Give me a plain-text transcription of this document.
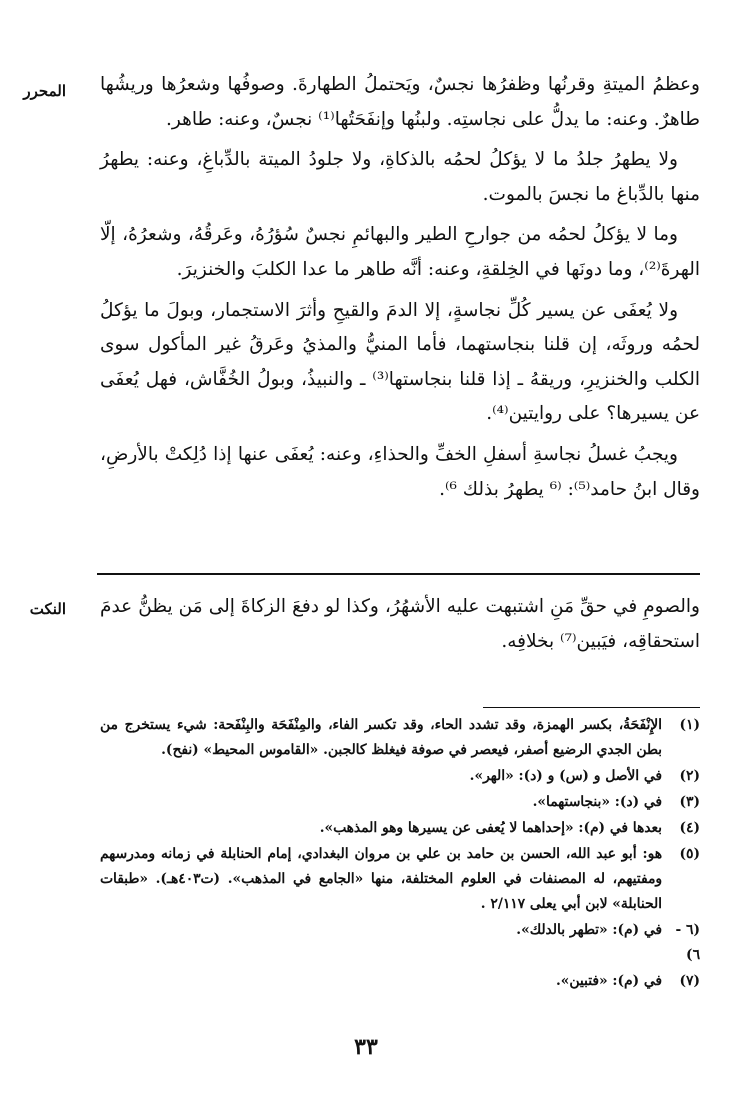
المحرر وعظمُ الميتةِ وقرنُها وظفرُها نجسٌ، ويَحتملُ الطهارةَ. وصوفُها وشعرُها وريشُها طاهرٌ. وعنه: ما يدلُّ على نجاستِه. ولبنُها وإنفَحَتُها⁽¹⁾ نجسٌ، وعنه: طاهر.

ولا يطهرُ جلدُ ما لا يؤكلُ لحمُه بالذكاةِ، ولا جلودُ الميتة بالدِّباغِ، وعنه: يطهرُ منها بالدِّباغ ما نجسَ بالموت.

وما لا يؤكلُ لحمُه من جوارحِ الطير والبهائمِ نجسٌ سُؤرُهُ، وعَرقُهُ، وشعرُهُ، إلّا الهرةَ⁽²⁾، وما دونَها في الخِلقةِ، وعنه: أنَّه طاهر ما عدا الكلبَ والخنزيرَ.

ولا يُعفَى عن يسير كُلِّ نجاسةٍ، إلا الدمَ والقيحِ وأثرَ الاستجمار، وبولَ ما يؤكلُ لحمُه وروثَه، إن قلنا بنجاستهما، فأما المنيُّ والمذيُ وعَرقُ غير المأكول سوى الكلب والخنزيرِ، وريقهُ ـ إذا قلنا بنجاستها⁽³⁾ ـ والنبيذُ، وبولُ الخُفَّاش، فهل يُعفَى عن يسيرها؟ على روايتين⁽⁴⁾.

ويجبُ غسلُ نجاسةِ أسفلِ الخفِّ والحذاءِ، وعنه: يُعفَى عنها إذا دُلِكتْ بالأرضِ، وقال ابنُ حامد⁽⁵⁾: ⁽⁶ يطهرُ بذلك ⁶⁾.

النكت والصومِ في حقِّ مَنِ اشتبهت عليه الأشهُرُ، وكذا لو دفعَ الزكاةَ إلى مَن يظنُّ عدمَ استحقاقِه، فيَبين⁽⁷⁾ بخلافِه.

(١)
الإِنْفَحَةُ، بكسر الهمزة، وقد تشدد الحاء، وقد تكسر الفاء، والمِنْفَحَة والبِنْفَحة: شيء يستخرج من بطن الجدي الرضيع أصفر، فيعصر في صوفة فيغلظ كالجبن. «القاموس المحيط» (نفح).
(٢)
في الأصل و (س) و (د): «الهر».
(٣)
في (د): «بنجاستهما».
(٤)
بعدها في (م): «إحداهما لا يُعفى عن يسيرها وهو المذهب».
(٥)
هو: أبو عبد الله، الحسن بن حامد بن علي بن مروان البغدادي، إمام الحنابلة في زمانه ومدرسهم ومفتيهم، له المصنفات في العلوم المختلفة، منها «الجامع في المذهب». (ت٤٠٣هـ). «طبقات الحنابلة» لابن أبي يعلى ٢/١١٧ .
(٦ - ٦)
في (م): «تطهر بالدلك».
(٧)
في (م): «فتبين».
٣٣
